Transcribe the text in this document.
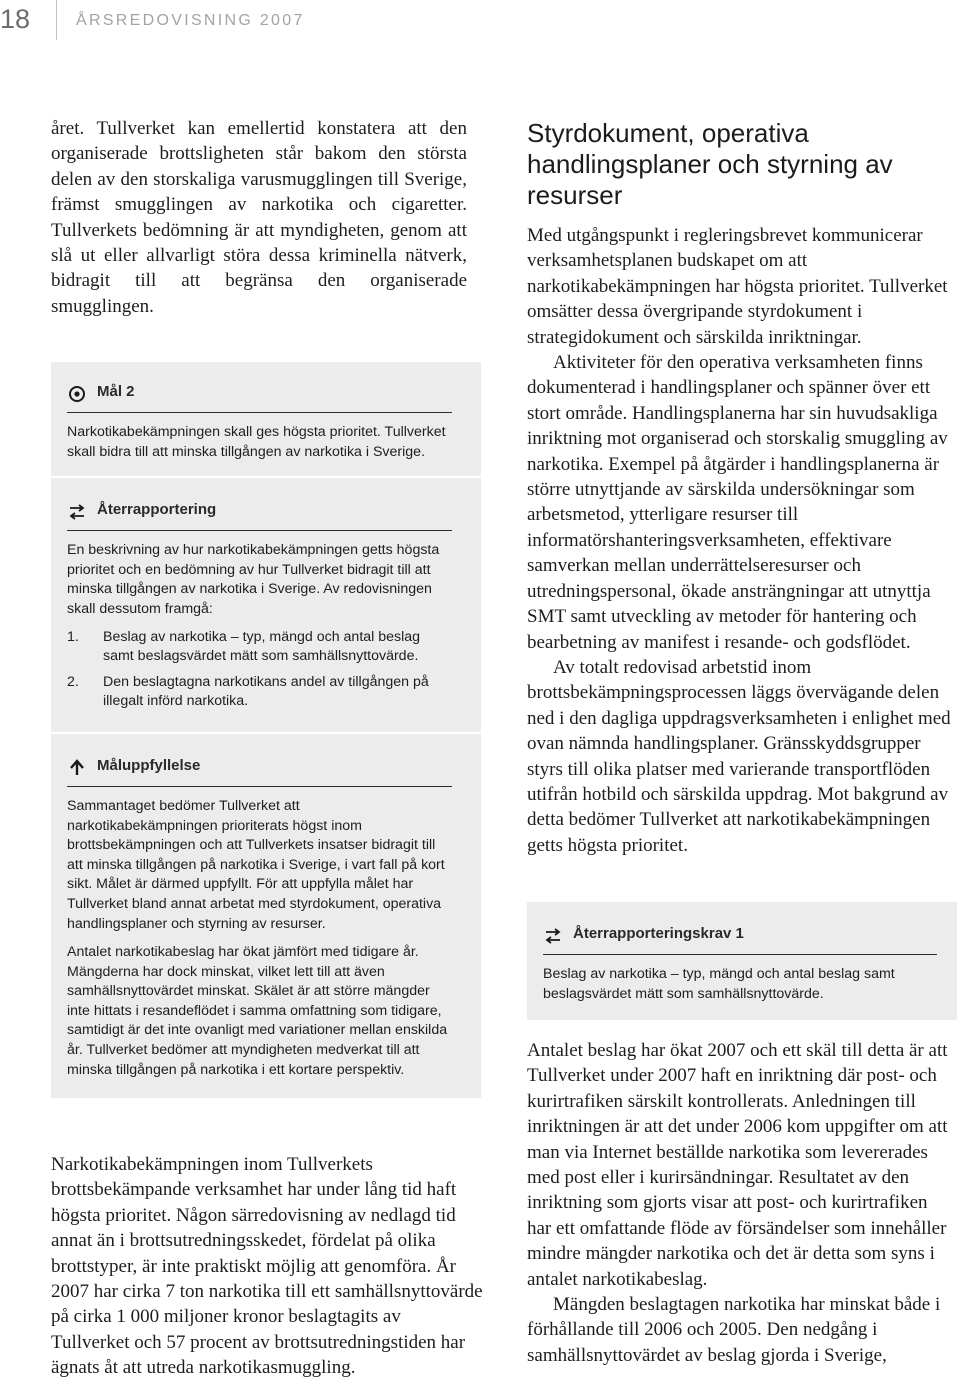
18	ÅRSREDOVISNING 2007

året. Tullverket kan emellertid konstatera att den organiserade brottsligheten står bakom den största delen av den storskaliga varusmugglingen till Sverige, främst smugglingen av narkotika och cigaretter. Tullverkets bedömning är att myndigheten, genom att slå ut eller allvarligt störa dessa kriminella nätverk, bidragit till att begränsa den organiserade smugglingen.

Mål 2

Narkotikabekämpningen skall ges högsta prioritet. Tullverket skall bidra till att minska tillgången av narkotika i Sverige.

Återrapportering

En beskrivning av hur narkotikabekämpningen getts högsta prioritet och en bedömning av hur Tullverket bidragit till att minska tillgången av narkotika i Sverige. Av redovisningen skall dessutom framgå:

1. Beslag av narkotika – typ, mängd och antal beslag samt beslagsvärdet mätt som samhällsnyttovärde.
2. Den beslagtagna narkotikans andel av tillgången på illegalt införd narkotika.
Måluppfyllelse

Sammantaget bedömer Tullverket att narkotikabekämpningen prioriterats högst inom brottsbekämpningen och att Tullverkets insatser bidragit till att minska tillgången på narkotika i Sverige, i vart fall på kort sikt. Målet är därmed uppfyllt. För att uppfylla målet har Tullverket bland annat arbetat med styrdokument, operativa handlingsplaner och styrning av resurser.

Antalet narkotikabeslag har ökat jämfört med tidigare år. Mängderna har dock minskat, vilket lett till att även samhällsnyttovärdet minskat. Skälet är att större mängder inte hittats i resandeflödet i samma omfattning som tidigare, samtidigt är det inte ovanligt med variationer mellan enskilda år. Tullverket bedömer att myndigheten medverkat till att minska tillgången på narkotika i ett kortare perspektiv.

Narkotikabekämpningen inom Tullverkets brottsbekämpande verksamhet har under lång tid haft högsta prioritet. Någon särredovisning av nedlagd tid annat än i brottsutredningsskedet, fördelat på olika brottstyper, är inte praktiskt möjlig att genomföra. År 2007 har cirka 7 ton narkotika till ett samhällsnyttovärde på cirka 1 000 miljoner kronor beslagtagits av Tullverket och 57 procent av brottsutredningstiden har ägnats åt att utreda narkotikasmuggling.

Styrdokument, operativa handlingsplaner och styrning av resurser

Med utgångspunkt i regleringsbrevet kommunicerar verksamhetsplanen budskapet om att narkotikabekämpningen har högsta prioritet. Tullverket omsätter dessa övergripande styrdokument i strategidokument och särskilda inriktningar.

Aktiviteter för den operativa verksamheten finns dokumenterad i handlingsplaner och spänner över ett stort område. Handlingsplanerna har sin huvudsakliga inriktning mot organiserad och storskalig smuggling av narkotika. Exempel på åtgärder i handlingsplanerna är större utnyttjande av särskilda undersökningar som arbetsmetod, ytterligare resurser till informatörshanteringsverksamheten, effektivare samverkan mellan underrättelseresurser och utredningspersonal, ökade ansträngningar att utnyttja SMT samt utveckling av metoder för hantering och bearbetning av manifest i resande- och godsflödet.

Av totalt redovisad arbetstid inom brottsbekämpningsprocessen läggs övervägande delen ned i den dagliga uppdragsverksamheten i enlighet med ovan nämnda handlingsplaner. Gränsskyddsgrupper styrs till olika platser med varierande transportflöden utifrån hotbild och särskilda uppdrag. Mot bakgrund av detta bedömer Tullverket att narkotikabekämpningen getts högsta prioritet.

Återrapporteringskrav 1

Beslag av narkotika – typ, mängd och antal beslag samt beslagsvärdet mätt som samhällsnyttovärde.

Antalet beslag har ökat 2007 och ett skäl till detta är att Tullverket under 2007 haft en inriktning där post- och kurirtrafiken särskilt kontrollerats. Anledningen till inriktningen är att det under 2006 kom uppgifter om att man via Internet beställde narkotika som levererades med post eller i kurirsändningar. Resultatet av den inriktning som gjorts visar att post- och kurirtrafiken har ett omfattande flöde av försändelser som innehåller mindre mängder narkotika och det är detta som syns i antalet narkotikabeslag.

Mängden beslagtagen narkotika har minskat både i förhållande till 2006 och 2005. Den nedgång i samhällsnyttovärdet av beslag gjorda i Sverige,
